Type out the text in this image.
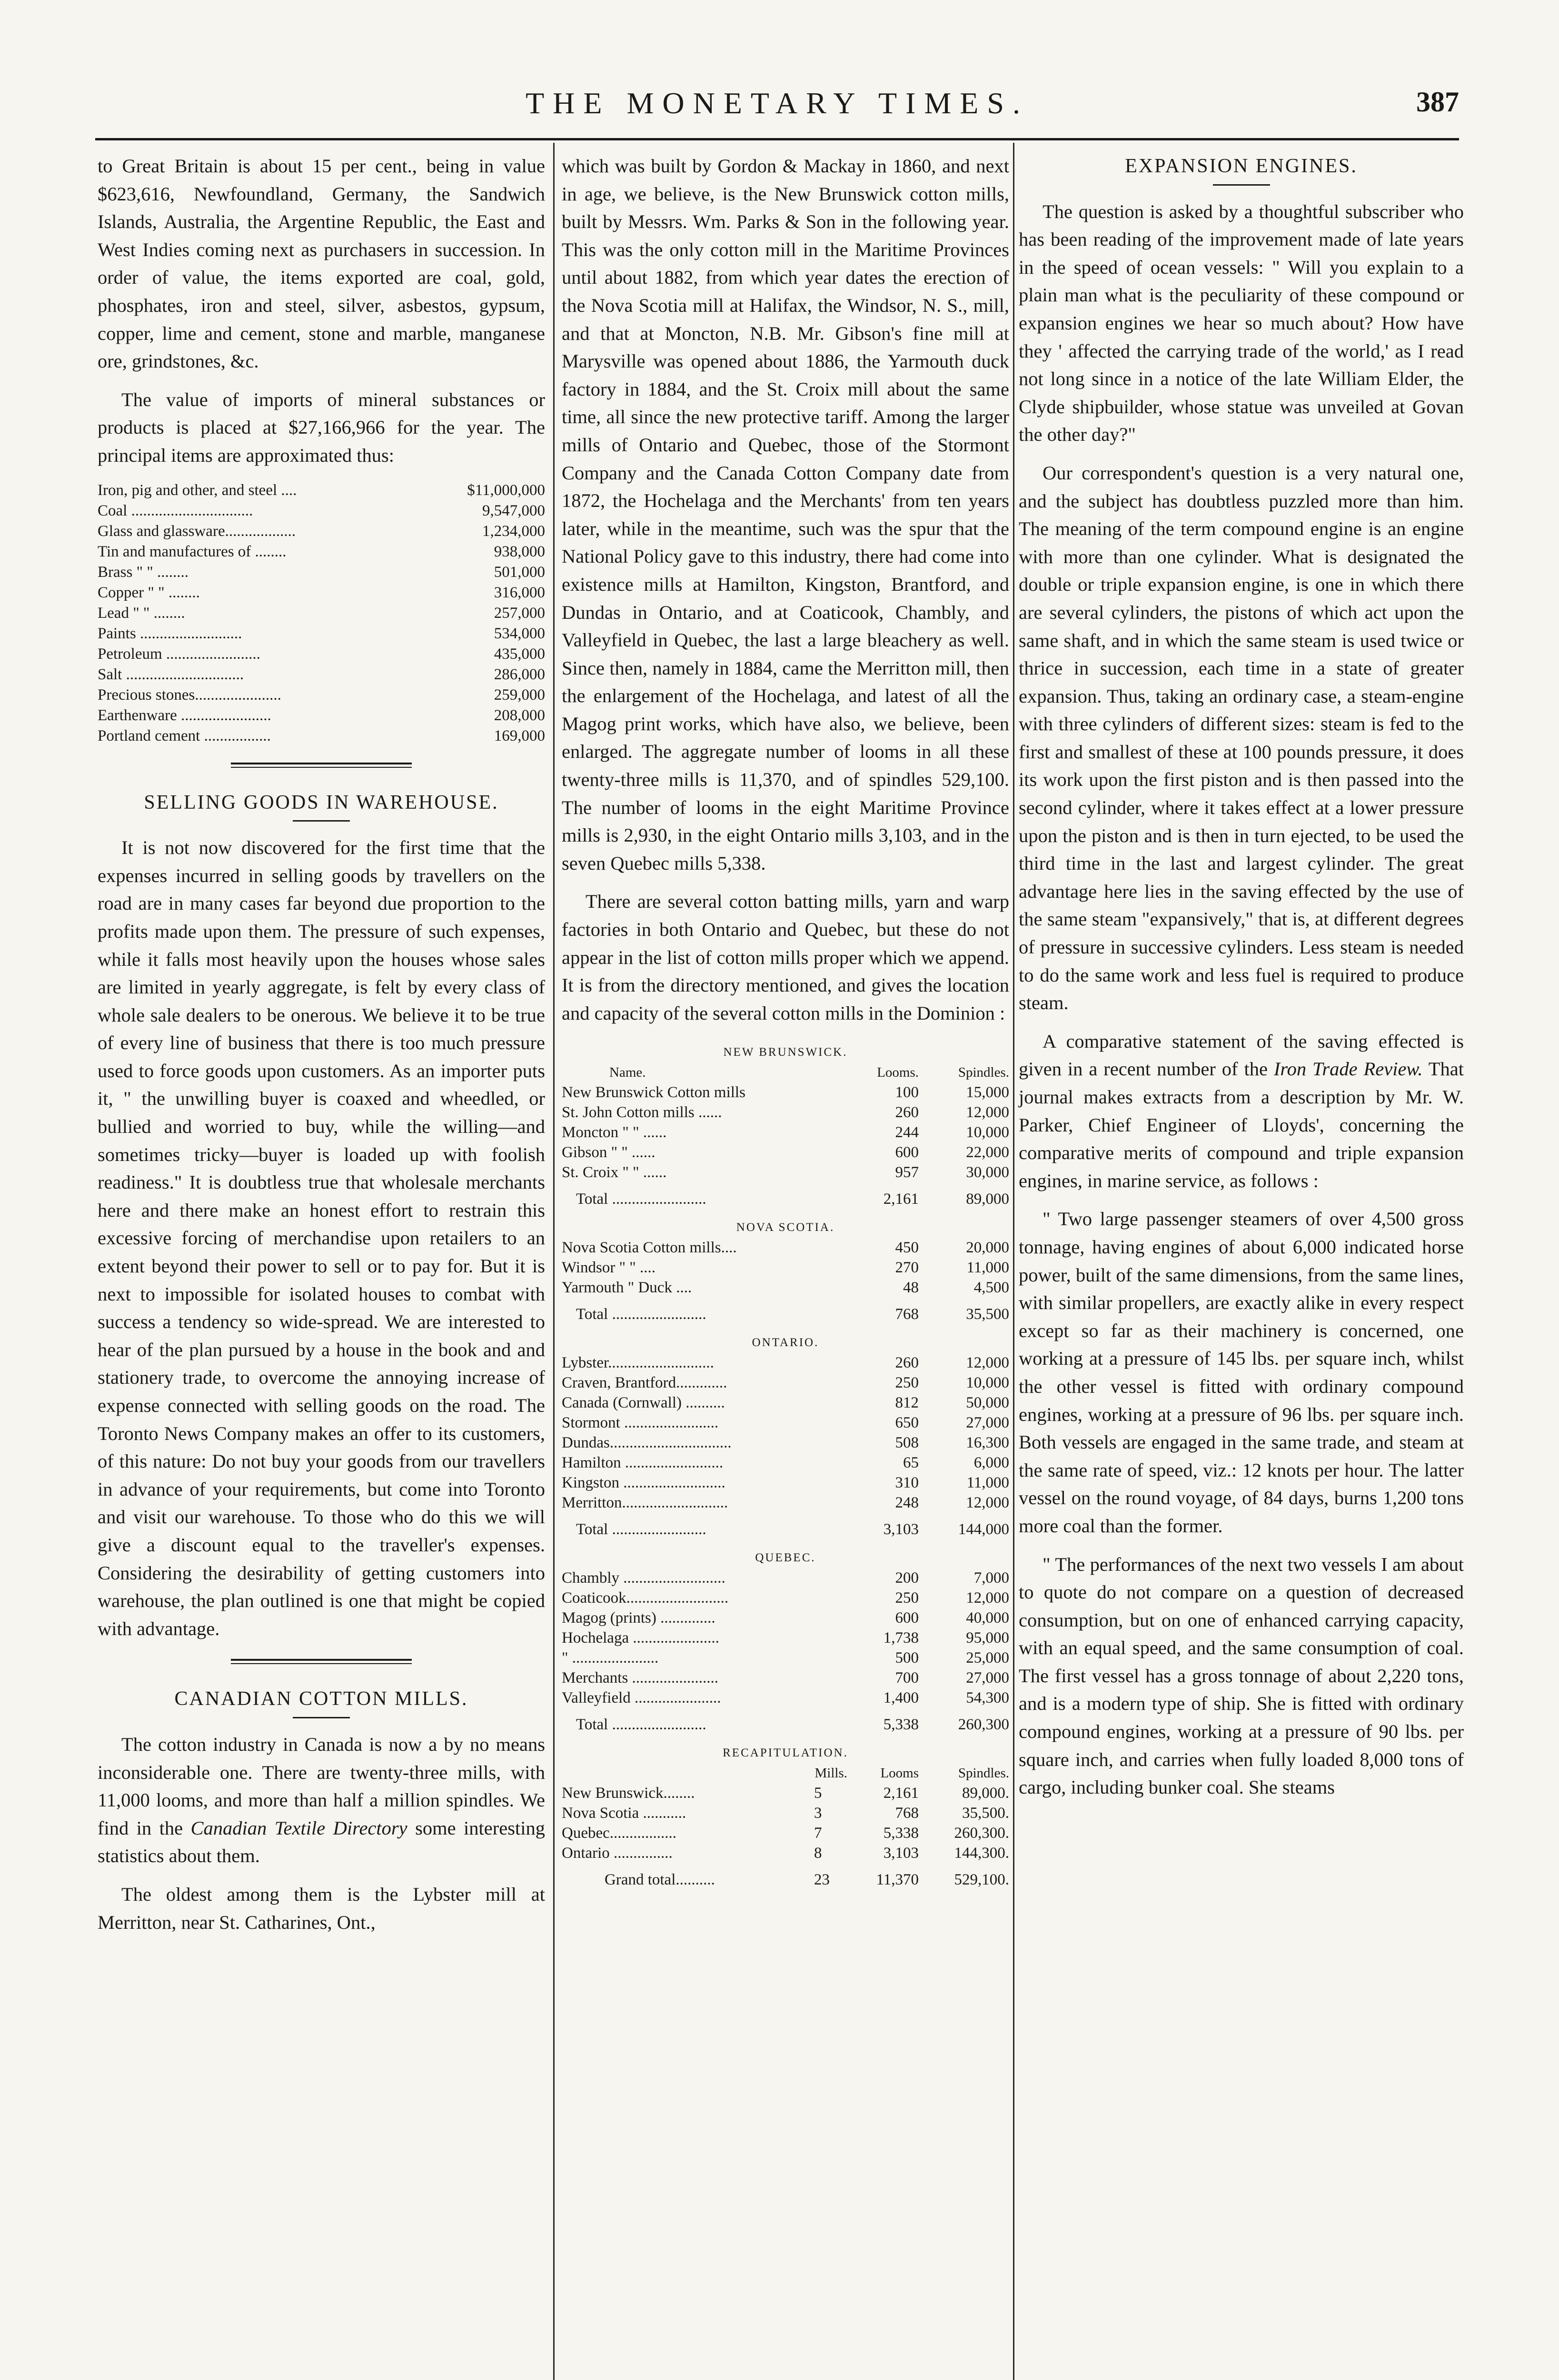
THE MONETARY TIMES.	387

to Great Britain is about 15 per cent., being in value $623,616, Newfoundland, Germany, the Sandwich Islands, Australia, the Argentine Republic, the East and West Indies coming next as purchasers in succession. In order of value, the items exported are coal, gold, phosphates, iron and steel, silver, asbestos, gypsum, copper, lime and cement, stone and marble, manganese ore, grindstones, &c.

The value of imports of mineral substances or products is placed at $27,166,966 for the year. The principal items are approximated thus:

Iron, pig and other, and steel ....	$11,000,000
Coal ...............................	9,547,000
Glass and glassware..................	1,234,000
Tin and manufactures of ........	938,000
Brass " " ........	501,000
Copper " " ........	316,000
Lead " " ........	257,000
Paints ..........................	534,000
Petroleum ........................	435,000
Salt ..............................	286,000
Precious stones......................	259,000
Earthenware .......................	208,000
Portland cement .................	169,000
SELLING GOODS IN WAREHOUSE.

It is not now discovered for the first time that the expenses incurred in selling goods by travellers on the road are in many cases far beyond due proportion to the profits made upon them. The pressure of such expenses, while it falls most heavily upon the houses whose sales are limited in yearly aggregate, is felt by every class of whole sale dealers to be onerous. We believe it to be true of every line of business that there is too much pressure used to force goods upon customers. As an importer puts it, " the unwilling buyer is coaxed and wheedled, or bullied and worried to buy, while the willing—and sometimes tricky—buyer is loaded up with foolish readiness." It is doubtless true that wholesale merchants here and there make an honest effort to restrain this excessive forcing of merchandise upon retailers to an extent beyond their power to sell or to pay for. But it is next to impossible for isolated houses to combat with success a tendency so wide-spread. We are interested to hear of the plan pursued by a house in the book and and stationery trade, to overcome the annoying increase of expense connected with selling goods on the road. The Toronto News Company makes an offer to its customers, of this nature: Do not buy your goods from our travellers in advance of your requirements, but come into Toronto and visit our warehouse. To those who do this we will give a discount equal to the traveller's expenses. Considering the desirability of getting customers into warehouse, the plan outlined is one that might be copied with advantage.

CANADIAN COTTON MILLS.

The cotton industry in Canada is now a by no means inconsiderable one. There are twenty-three mills, with 11,000 looms, and more than half a million spindles. We find in the Canadian Textile Directory some interesting statistics about them.

The oldest among them is the Lybster mill at Merritton, near St. Catharines, Ont.,

which was built by Gordon & Mackay in 1860, and next in age, we believe, is the New Brunswick cotton mills, built by Messrs. Wm. Parks & Son in the following year. This was the only cotton mill in the Maritime Provinces until about 1882, from which year dates the erection of the Nova Scotia mill at Halifax, the Windsor, N. S., mill, and that at Moncton, N.B. Mr. Gibson's fine mill at Marysville was opened about 1886, the Yarmouth duck factory in 1884, and the St. Croix mill about the same time, all since the new protective tariff. Among the larger mills of Ontario and Quebec, those of the Stormont Company and the Canada Cotton Company date from 1872, the Hochelaga and the Merchants' from ten years later, while in the meantime, such was the spur that the National Policy gave to this industry, there had come into existence mills at Hamilton, Kingston, Brantford, and Dundas in Ontario, and at Coaticook, Chambly, and Valleyfield in Quebec, the last a large bleachery as well. Since then, namely in 1884, came the Merritton mill, then the enlargement of the Hochelaga, and latest of all the Magog print works, which have also, we believe, been enlarged. The aggregate number of looms in all these twenty-three mills is 11,370, and of spindles 529,100. The number of looms in the eight Maritime Province mills is 2,930, in the eight Ontario mills 3,103, and in the seven Quebec mills 5,338.

There are several cotton batting mills, yarn and warp factories in both Ontario and Quebec, but these do not appear in the list of cotton mills proper which we append. It is from the directory mentioned, and gives the location and capacity of the several cotton mills in the Dominion :

NEW BRUNSWICK.			
Name.		Looms.	Spindles.
New Brunswick Cotton mills		100	15,000
St. John Cotton mills ......		260	12,000
Moncton " " ......		244	10,000
Gibson " " ......		600	22,000
St. Croix " " ......		957	30,000
Total ........................		2,161	89,000
NOVA SCOTIA.			
Nova Scotia Cotton mills....		450	20,000
Windsor " " ....		270	11,000
Yarmouth " Duck ....		48	4,500
Total ........................		768	35,500
ONTARIO.			
Lybster...........................		260	12,000
Craven, Brantford.............		250	10,000
Canada (Cornwall) ..........		812	50,000
Stormont ........................		650	27,000
Dundas...............................		508	16,300
Hamilton .........................		65	6,000
Kingston ..........................		310	11,000
Merritton...........................		248	12,000
Total ........................		3,103	144,000
QUEBEC.			
Chambly ..........................		200	7,000
Coaticook..........................		250	12,000
Magog (prints) ..............		600	40,000
Hochelaga ......................		1,738	95,000
" ......................		500	25,000
Merchants ......................		700	27,000
Valleyfield ......................		1,400	54,300
Total ........................		5,338	260,300
RECAPITULATION.			
	Mills.	Looms	Spindles.
New Brunswick........	5	2,161	89,000.
Nova Scotia ...........	3	768	35,500.
Quebec.................	7	5,338	260,300.
Ontario ...............	8	3,103	144,300.
Grand total..........	23	11,370	529,100.
EXPANSION ENGINES.

The question is asked by a thoughtful subscriber who has been reading of the improvement made of late years in the speed of ocean vessels: " Will you explain to a plain man what is the peculiarity of these compound or expansion engines we hear so much about? How have they ' affected the carrying trade of the world,' as I read not long since in a notice of the late William Elder, the Clyde shipbuilder, whose statue was unveiled at Govan the other day?"

Our correspondent's question is a very natural one, and the subject has doubtless puzzled more than him. The meaning of the term compound engine is an engine with more than one cylinder. What is designated the double or triple expansion engine, is one in which there are several cylinders, the pistons of which act upon the same shaft, and in which the same steam is used twice or thrice in succession, each time in a state of greater expansion. Thus, taking an ordinary case, a steam-engine with three cylinders of different sizes: steam is fed to the first and smallest of these at 100 pounds pressure, it does its work upon the first piston and is then passed into the second cylinder, where it takes effect at a lower pressure upon the piston and is then in turn ejected, to be used the third time in the last and largest cylinder. The great advantage here lies in the saving effected by the use of the same steam "expansively," that is, at different degrees of pressure in successive cylinders. Less steam is needed to do the same work and less fuel is required to produce steam.

A comparative statement of the saving effected is given in a recent number of the Iron Trade Review. That journal makes extracts from a description by Mr. W. Parker, Chief Engineer of Lloyds', concerning the comparative merits of compound and triple expansion engines, in marine service, as follows :

" Two large passenger steamers of over 4,500 gross tonnage, having engines of about 6,000 indicated horse power, built of the same dimensions, from the same lines, with similar propellers, are exactly alike in every respect except so far as their machinery is concerned, one working at a pressure of 145 lbs. per square inch, whilst the other vessel is fitted with ordinary compound engines, working at a pressure of 96 lbs. per square inch. Both vessels are engaged in the same trade, and steam at the same rate of speed, viz.: 12 knots per hour. The latter vessel on the round voyage, of 84 days, burns 1,200 tons more coal than the former.

" The performances of the next two vessels I am about to quote do not compare on a question of decreased consumption, but on one of enhanced carrying capacity, with an equal speed, and the same consumption of coal. The first vessel has a gross tonnage of about 2,220 tons, and is a modern type of ship. She is fitted with ordinary compound engines, working at a pressure of 90 lbs. per square inch, and carries when fully loaded 8,000 tons of cargo, including bunker coal. She steams
